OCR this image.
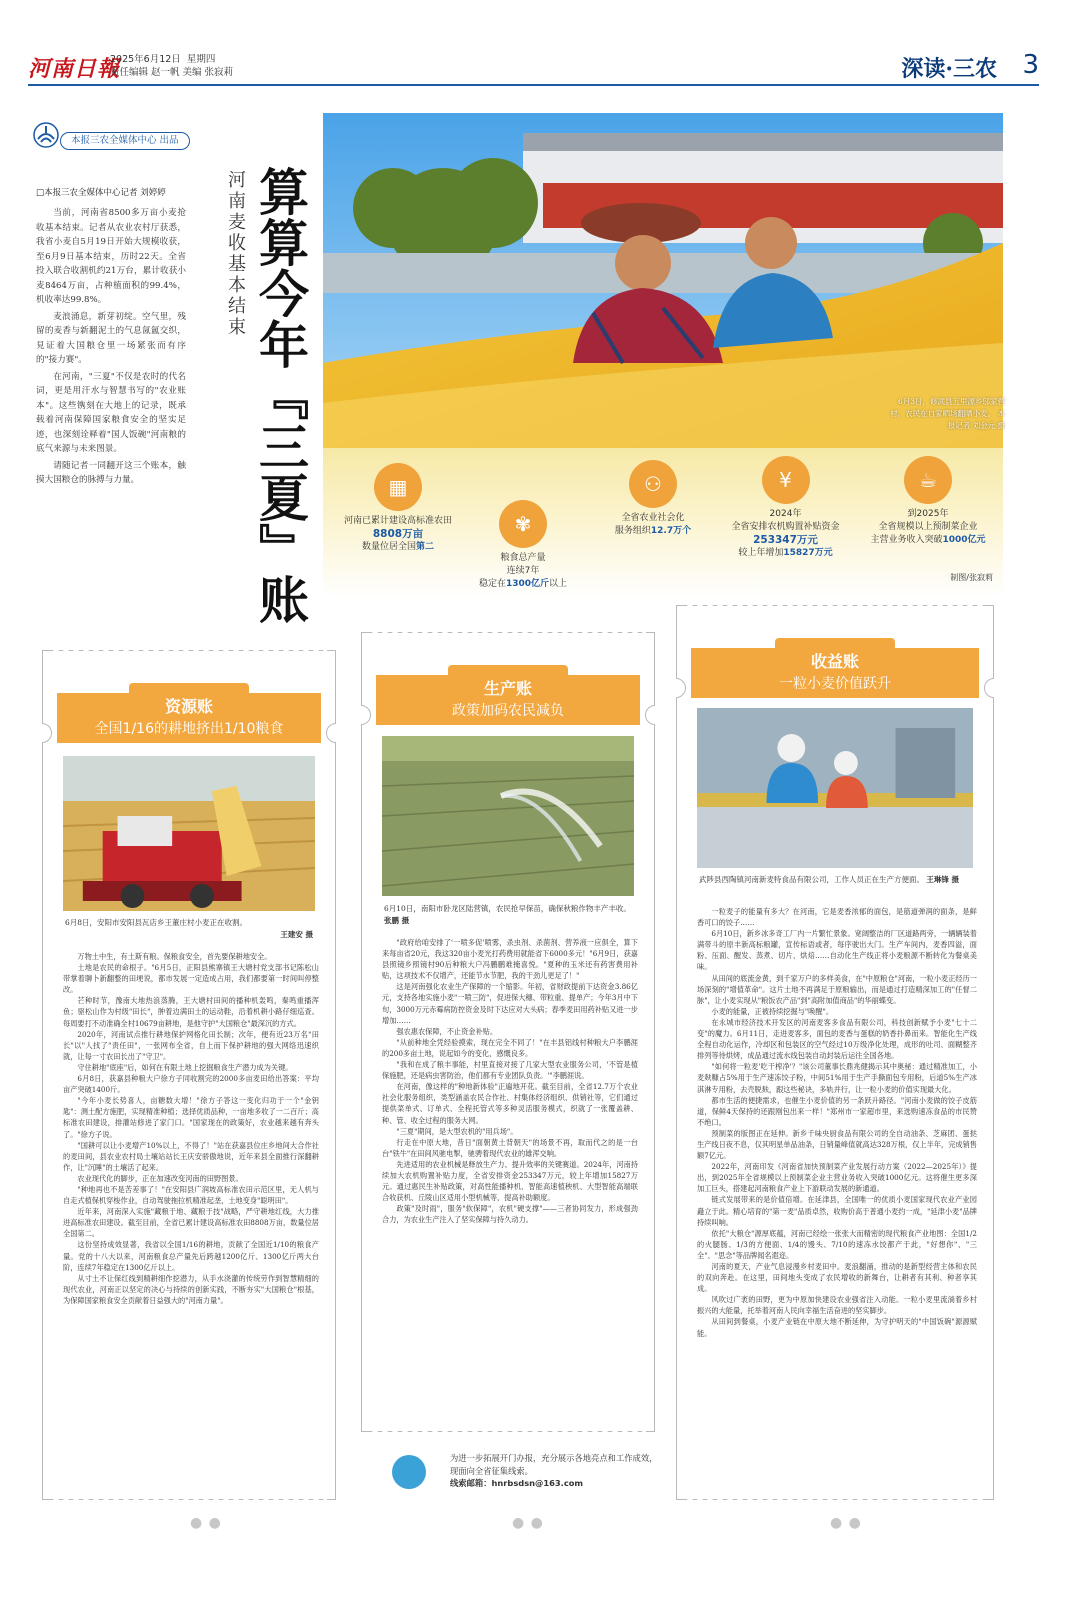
河南日報
2025年6月12日 星期四
责任编辑 赵一帆 美编 张寂莉	深读·三农 3
本报三农全媒体中心 出品
□本报三农全媒体中心记者 刘婷婷

当前，河南省8500多万亩小麦抢收基本结束。记者从农业农村厅获悉，我省小麦自5月19日开始大规模收获，至6月9日基本结束，历时22天。全省投入联合收割机约21万台，累计收获小麦8464万亩，占种植面积的99.4%，机收率达99.8%。

麦浪涌息，新芽初绽。空气里，残留的麦香与新翻泥土的气息氤氲交织，見证着大国粮仓里一场紧张而有序的"接力赛"。

在河南，"三夏"不仅是农时的代名词，更是用汗水与智慧书写的"农业账本"。这些镌刻在大地上的记录，既承载着河南保障国家粮食安全的坚实足迹，也深刻诠释着"国人饭碗"河南粮的底气来源与未来图景。

请随记者一同翻开这三个账本，触摸大国粮仓的脉搏与力量。

河南麦收基本结束 算算今年『三夏』账	6月3日，修武县五里源乡邬家营村，农民在自家晒场翻晒小麦。 本报记者 刘金元 摄
▦
河南已累计建设高标准农田
8808万亩
数量位居全国第二
✾
粮食总产量
连续7年
稳定在1300亿斤以上
⚇
全省农业社会化
服务组织12.7万个
¥
2024年
全省安排农机购置补贴资金
253347万元
较上年增加15827万元
☕
到2025年
全省规模以上预制菜企业
主营业务收入突破1000亿元
制图/张寂莉
资源账
全国1/16的耕地挤出1/10粮食
6月8日，安阳市安阳县瓦店乡王董庄村小麦正在收割。
王建安 摄

万物土中生，有土斯有粮。保粮食安全，首先要保耕地安全。

土地是农民的命根子。"6月5日，正阳县熊寨镇王大塘村党支部书记陈松山带掌着聊卜新翻整的田埂说，都市发展一定造成占用，我们都要第一时间叫停整改。

芒种时节，豫南大地热浪蒸腾，王大塘村田间的播种机轰鸣，秦鸣重播浑鱼；驱松山作为村级"田长"，肿着边满田土的运动鞋，沿着机耕小路仔细巡查。每周要打不动准确全村10679亩耕地，是他守护"大国粮仓"最深沉的方式。

2020年，河南试点推行耕地保护网格化田长制；次年，便有近23万名"田长"以"人找了"责任田"，一张网布全省，自上而下保护耕地的强大网络迅速织就，让每一寸农田长出了"守卫"。

守住耕地"底座"后，如何在有限土地上挖掘粮食生产潜力成为关键。

6月8日，获嘉县种粮大户徐方子同收割完的2000多亩麦田给出答案：平均亩产突破1400斤。

"今年小麦长势喜人，亩糖数大增！"徐方子答这一变化归功于一个"金钥匙"：测土配方施肥，实现精准种植；选择优质品种，一亩地多收了一二百斤；高标准农田建设，排灌站修进了家门口。"国家现在的政策好，农业越来越有奔头了。"徐方子说。

"国耕可以让小麦增产10%以上，不得了！"站在获嘉县位庄乡地间大合作社的麦田间，县农业农村局土壤站站长王庆安骄傲地说，近年来县全面推行深翻耕作，让"沉睡"的土壤活了起来。

农业现代化的脚步，正在加速改变河南的田野图景。

"种地再也不是苦差事了！"在安阳县广润坡高标准农田示范区里，无人机与自走式植保机穿梭作业，自动驾驶拖拉机精准起垄，土地变身"聪明田"。

近年来，河南深入实施"藏粮于地、藏粮于技"战略，严守耕地红线，大力推进高标准农田建设。截至目前，全省已累计建设高标准农田8808万亩，数量位居全国第二。

这份坚持成效显著，我省以全国1/16的耕地，贡献了全国近1/10的粮食产量。党的十八大以来，河南粮食总产量先后跨越1200亿斤、1300亿斤两大台阶，连续7年稳定在1300亿斤以上。

从寸土不让保红线到精耕细作挖潜力，从手水浇灌的传统劳作到智慧精细的现代农业，河南正以坚定的决心与持续的创新实践，不断夯实"大国粮仓"根基，为保障国家粮食安全贡献着日益强大的"河南力量"。

生产账
政策加码农民减负
6月10日，南阳市卧龙区陆营镇，农民抢早保苗，确保秋粮作物丰产丰收。 张鹏 摄

"政府给咱安排了'一喷多促'喷雾，杀虫剂、杀菌剂、营养液一应俱全，算下来每亩省20元，我这320亩小麦光打药费用就能省下6000多元！"6月9日，获嘉县照镜乡照镜村90后种粮大户冯鹏鹏难掩喜悦。"夏种的玉米还有药害费用补贴，这项技术不仅增产，还能节水节肥，我的干劲儿更足了！"

这是河南强化农业生产保障的一个缩影。年初，省财政提前下达资金3.86亿元，支持各地实施小麦"一喷三防"，促进保大穗、带粒重、提单产；今年3月中下旬，3000万元赤霉病防控资金及时下达应对大头病；春季麦田用药补贴又进一步增加……

强农惠农保障，不止资金补贴。

"从前种地全凭经验摸索，现在完全不同了！"在丰县铝线村种粮大户李鹏涯的200多亩土地，说起如今的变化，感慨良多。

"我和在成了粮丰事能，村里直接对接了几家大型农业服务公司，'不管是植保施肥，还是病虫害防治，他们都有专业团队负责。'"李鹏涯说。

在河南，像这样的"种地新体验"正遍地开花。截至目前，全省12.7万个农业社会化服务组织，类型涵盖农民合作社、村集体经济组织、供销社等，它们通过提供菜单式、订单式、全程托管式等多种灵活服务模式，织就了一张覆盖耕、种、管、收全过程的服务大网。

"三夏"期间，是大型农机的"用兵场"。

行走在中原大地，昔日"面朝黄土背朝天"的场景不再，取而代之的是一台台"铁牛"在田间风驰电掣，驰骋着现代农业的雄浑交响。

先进适用的农业机械是释放生产力、提升效率的关键赛道。2024年，河南持续加大农机购置补贴力度，全省安排资金253347万元，较上年增加15827万元。通过惠民生补贴政策，对高性能播种机、智能高速植秧机、大型智能高端联合收获机、丘陵山区适用小型机械等，提高补助额度。

政策"及时雨"，服务"软保障"，农机"硬支撑"——三者协同发力，形成强劲合力，为农业生产注入了坚实保障与持久动力。

为进一步拓展开门办报，充分展示各地亮点和工作成效，现面向全省征集线索。
线索邮箱：hnrbsdsn@163.com
收益账
一粒小麦价值跃升
武陟县西陶镇河南新麦特食品有限公司，工作人员正在生产方便面。 王琳锋 摄

一粒麦子的能量有多大？在河南，它是麦香浓郁的面包，是筋道弹润的面条，是鲜香可口的饺子……

6月10日，新乡冰多奇工厂内一片繁忙景象。宽阔整洁的厂区道路两旁，一辆辆装着满带斗的原丰新高标粮罐，宣传标语或者，每序驶出大门。生产车间内，麦香四溢，面粉、压面、醒发、蒸煮、切片、烘焙……自动化生产线正将小麦粮源不断转化为餐桌美味。

从田间的底流金黄，到千家万户的多样美食，在"中原粮仓"河南，一粒小麦正经历一场深刻的"增值革命"。这片土地不再满足于原粮输出，而是通过打造精深加工的"任督二脉"，让小麦实现从"粮饭农产品"到"高附加值商品"的华丽蝶变。

小麦的能量，正被持续挖掘与"唤醒"。

在永城市经济技术开发区的河南麦客多食品有限公司，科技创新赋予小麦"七十二变"的魔力。6月11日，走进麦客多，面包的麦香与蛋糕的奶香扑鼻而来。智能化生产线全程自动化运作，冷却区和包装区的空气经过10万级净化处理，成形的吐司、面糊整齐排列等待烘烤，成品通过流水线包装自动封装后运往全国各地。

"如何将一粒麦'吃干榨净'？"该公司董事长鼎兆健揭示其中奥秘：通过精准加工，小麦麸糠占5%用于生产速冻饺子粉，中间51%用于生产手撕面包专用粉，后道5%生产冰淇淋专用粉，去壳脱麸，跟这些秘诀，多轨并行，让一粒小麦的价值实现最大化。

都市生活的便捷需求，也催生小麦价值的另一条跃升路径。"河南小麦做的饺子皮筋道，保鲜4天保持的还跟刚包出来一样！"郑州市一家超市里，来选购速冻食品的市民赞不绝口。

预制菜的版图正在延伸。新乡千味央厨食品有限公司的全自动油条、芝麻团、蛋挞生产线日夜不息，仅其明星单品油条，日销量峰值就高达328万根，仅上半年，完成销售额7亿元。

2022年，河南印发《河南省加快预制菜产业发展行动方案（2022—2025年）》提出，到2025年全省规模以上预制菜企业主营业务收入突破1000亿元。这将催生更多深加工巨头，搭建起河南粮食产业上下游联动发展的新通道。

链式发展带来的是价值倍增。在延津县，全国唯一的优质小麦国家现代农业产业园矗立于此。精心培育的"第一麦"品质卓然，收购价高于普通小麦约一成，"延津小麦"品牌持续叫响。

依托"大粮仓"源厚底蕴，河南已经绘一张张大而精密的现代粮食产业地图：全国1/2的火腿肠、1/3的方便面、1/4的馒头、7/10的速冻水饺都产于此，"好想你"、"三全"、"思念"等品牌闻名遐迩。

河南的夏天，产业气息浸漫乡村麦田中。麦浪翻涌，推动的是新型经营主体和农民的双向奔赴。在这里，田间地头变成了农民增收的新舞台，让耕者有其利、种者享其成。

风吹过广袤的田野，更为中原加快建设农业强省注入动能。一粒小麦里流淌着乡村振兴的大能量，托举着河南人民向幸福生活奋进的坚实脚步。

从田间到餐桌，小麦产业链在中原大地不断延伸，为守护明天的"中国饭碗"源源赋能。

● ●	● ●	● ●
